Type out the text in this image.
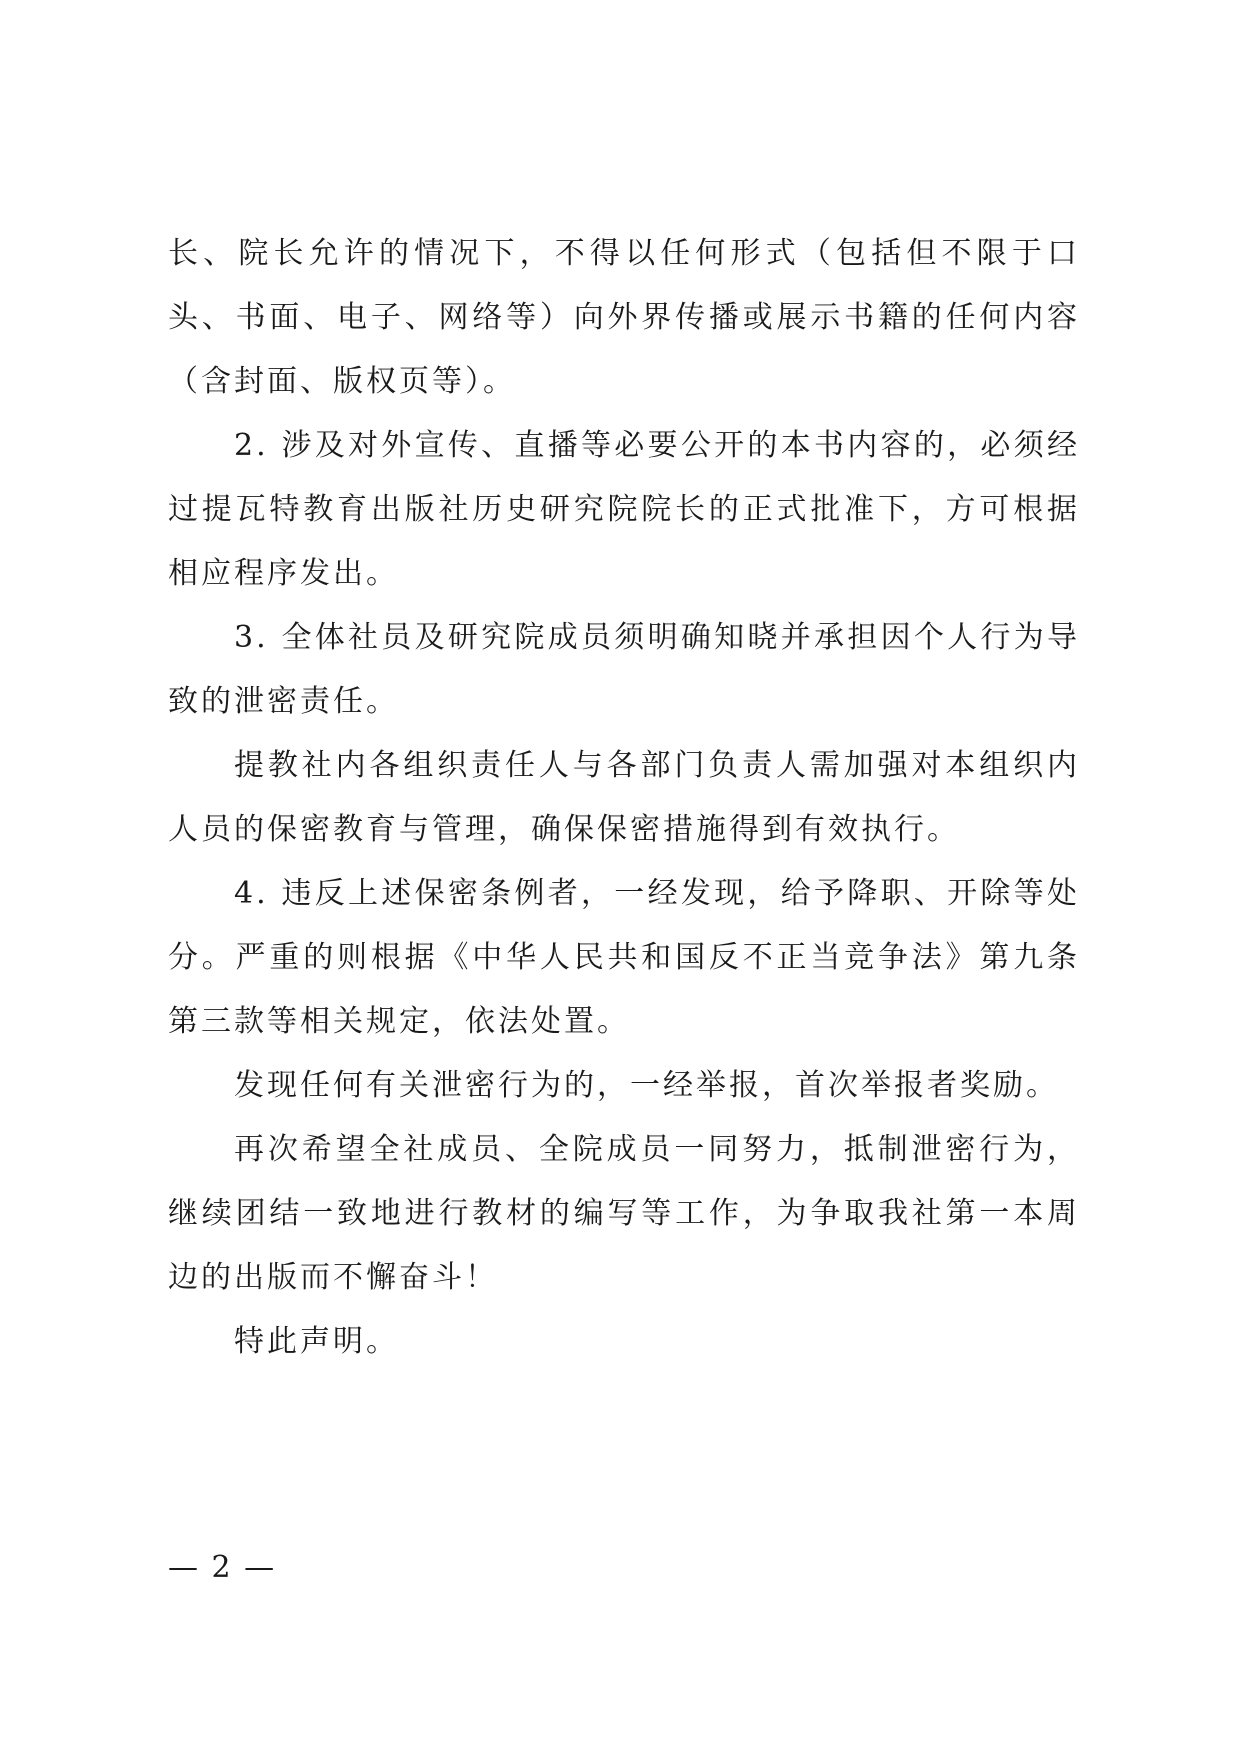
长、院长允许的情况下，不得以任何形式（包括但不限于口头、书面、电子、网络等）向外界传播或展示书籍的任何内容（含封面、版权页等）。

2. 涉及对外宣传、直播等必要公开的本书内容的，必须经过提瓦特教育出版社历史研究院院长的正式批准下，方可根据相应程序发出。

3. 全体社员及研究院成员须明确知晓并承担因个人行为导致的泄密责任。

提教社内各组织责任人与各部门负责人需加强对本组织内人员的保密教育与管理，确保保密措施得到有效执行。

4. 违反上述保密条例者，一经发现，给予降职、开除等处分。严重的则根据《中华人民共和国反不正当竞争法》第九条第三款等相关规定，依法处置。

发现任何有关泄密行为的，一经举报，首次举报者奖励。

再次希望全社成员、全院成员一同努力，抵制泄密行为，继续团结一致地进行教材的编写等工作，为争取我社第一本周边的出版而不懈奋斗！

特此声明。

— 2 —
